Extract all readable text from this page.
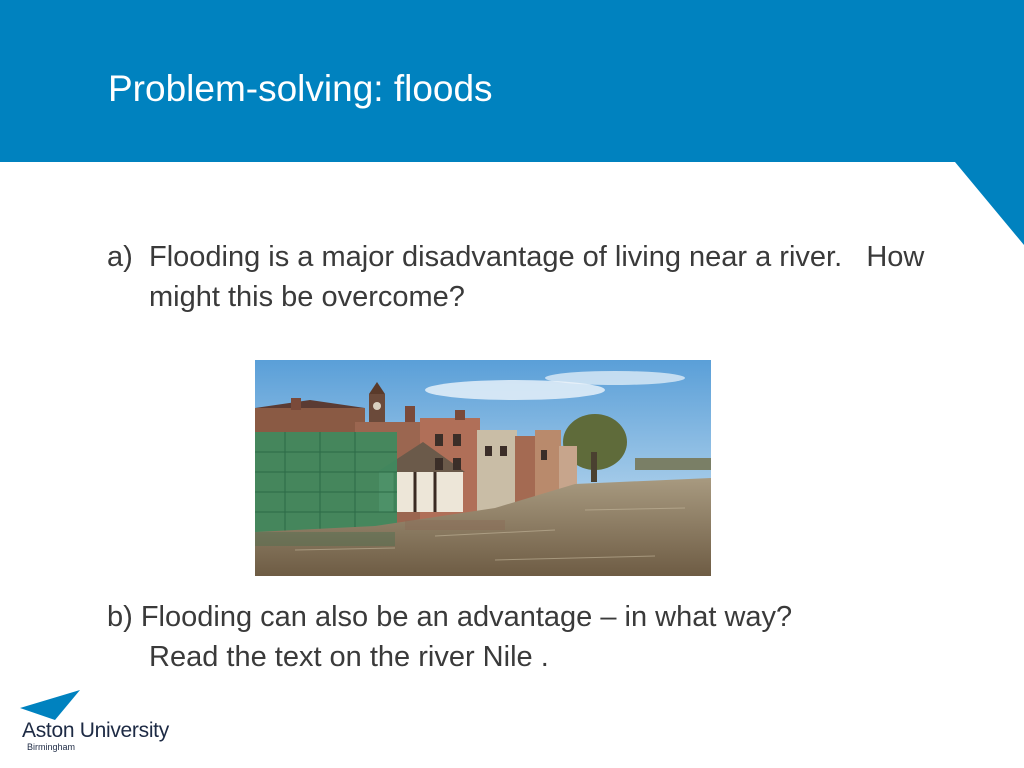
Problem-solving: floods
a) Flooding is a major disadvantage of living near a river.   How might this be overcome?
b) Flooding can also be an advantage – in what way?
Read the text on the river Nile .
Aston University
Birmingham
